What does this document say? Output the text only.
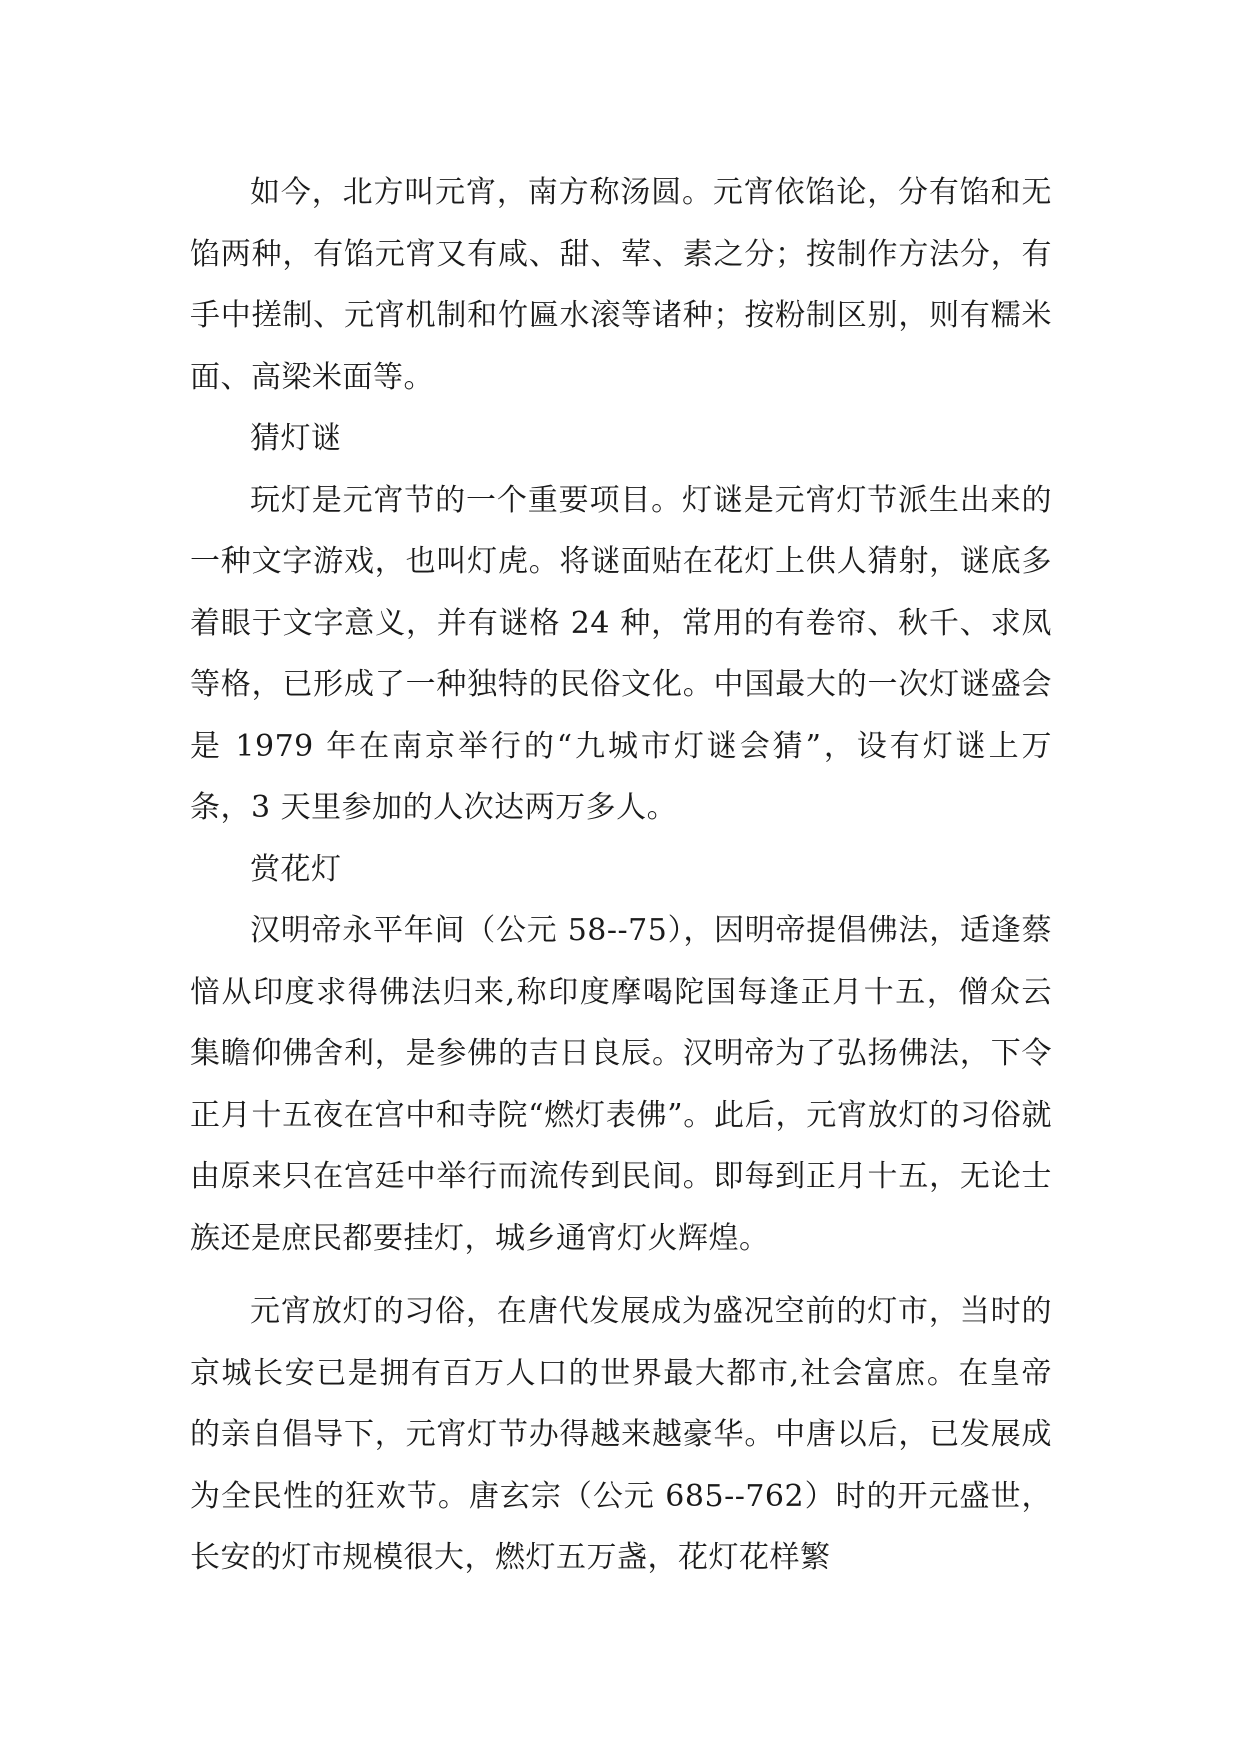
如今，北方叫元宵，南方称汤圆。元宵依馅论，分有馅和无馅两种，有馅元宵又有咸、甜、荤、素之分；按制作方法分，有手中搓制、元宵机制和竹匾水滚等诸种；按粉制区别，则有糯米面、高梁米面等。

猜灯谜

玩灯是元宵节的一个重要项目。灯谜是元宵灯节派生出来的一种文字游戏，也叫灯虎。将谜面贴在花灯上供人猜射，谜底多着眼于文字意义，并有谜格 24 种，常用的有卷帘、秋千、求凤等格，已形成了一种独特的民俗文化。中国最大的一次灯谜盛会是 1979 年在南京举行的“九城市灯谜会猜”，设有灯谜上万条，3 天里参加的人次达两万多人。

赏花灯

汉明帝永平年间（公元 58--75），因明帝提倡佛法，适逢蔡愔从印度求得佛法归来,称印度摩喝陀国每逢正月十五，僧众云集瞻仰佛舍利，是参佛的吉日良辰。汉明帝为了弘扬佛法，下令正月十五夜在宫中和寺院“燃灯表佛”。此后，元宵放灯的习俗就由原来只在宫廷中举行而流传到民间。即每到正月十五，无论士族还是庶民都要挂灯，城乡通宵灯火辉煌。

元宵放灯的习俗，在唐代发展成为盛况空前的灯市，当时的京城长安已是拥有百万人口的世界最大都市,社会富庶。在皇帝的亲自倡导下，元宵灯节办得越来越豪华。中唐以后，已发展成为全民性的狂欢节。唐玄宗（公元 685--762）时的开元盛世，长安的灯市规模很大，燃灯五万盏，花灯花样繁
